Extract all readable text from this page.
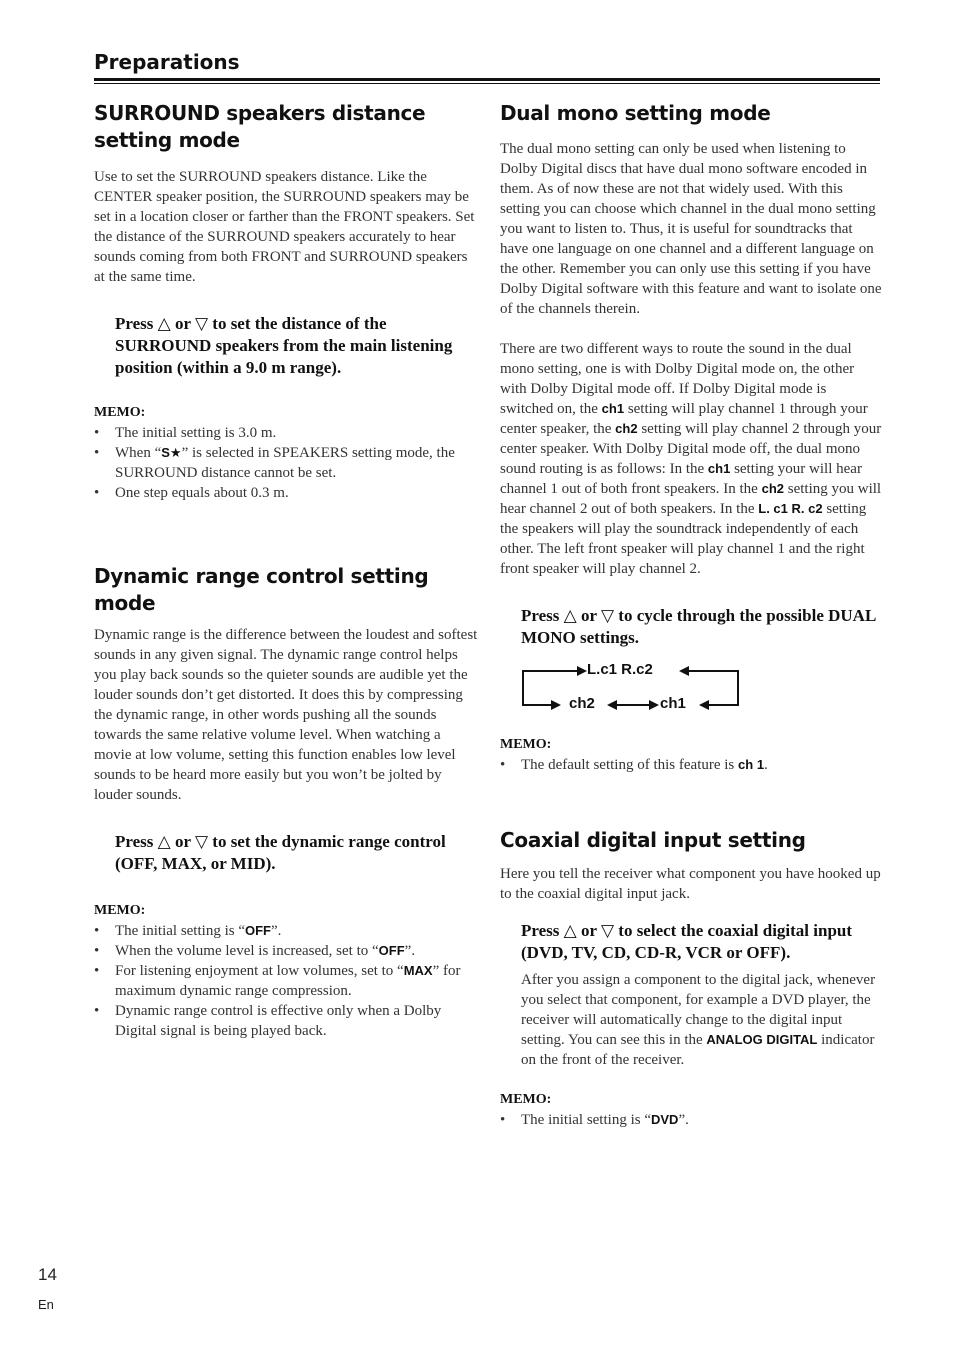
Preparations
SURROUND speakers distance setting mode

Use to set the SURROUND speakers distance. Like the CENTER speaker position, the SURROUND speakers may be set in a location closer or farther than the FRONT speakers. Set the distance of the SURROUND speakers accurately to hear sounds coming from both FRONT and SURROUND speakers at the same time.

Press △ or ▽ to set the distance of the SURROUND speakers from the main listening position (within a 9.0 m range).

MEMO:

• The initial setting is 3.0 m.
• When “S★” is selected in SPEAKERS setting mode, the SURROUND distance cannot be set.
• One step equals about 0.3 m.
Dynamic range control setting mode

Dynamic range is the difference between the loudest and softest sounds in any given signal. The dynamic range control helps you play back sounds so the quieter sounds are audible yet the louder sounds don’t get distorted. It does this by compressing the dynamic range, in other words pushing all the sounds towards the same relative volume level. When watching a movie at low volume, setting this function enables low level sounds to be heard more easily but you won’t be jolted by louder sounds.

Press △ or ▽ to set the dynamic range control (OFF, MAX, or MID).

MEMO:

• The initial setting is “OFF”.
• When the volume level is increased, set to “OFF”.
• For listening enjoyment at low volumes, set to “MAX” for maximum dynamic range compression.
• Dynamic range control is effective only when a Dolby Digital signal is being played back.
Dual mono setting mode

The dual mono setting can only be used when listening to Dolby Digital discs that have dual mono software encoded in them. As of now these are not that widely used. With this setting you can choose which channel in the dual mono setting you want to listen to. Thus, it is useful for soundtracks that have one language on one channel and a different language on the other. Remember you can only use this setting if you have Dolby Digital software with this feature and want to isolate one of the channels therein.

There are two different ways to route the sound in the dual mono setting, one is with Dolby Digital mode on, the other with Dolby Digital mode off. If Dolby Digital mode is switched on, the ch1 setting will play channel 1 through your center speaker, the ch2 setting will play channel 2 through your center speaker. With Dolby Digital mode off, the dual mono sound routing is as follows: In the ch1 setting your will hear channel 1 out of both front speakers. In the ch2 setting you will hear channel 2 out of both speakers. In the L. c1 R. c2 setting the speakers will play the soundtrack independently of each other. The left front speaker will play channel 1 and the right front speaker will play channel 2.

Press △ or ▽ to cycle through the possible DUAL MONO settings.

L.c1 R.c2
ch2	ch1

MEMO:

• The default setting of this feature is ch 1.
Coaxial digital input setting

Here you tell the receiver what component you have hooked up to the coaxial digital input jack.

Press △ or ▽ to select the coaxial digital input (DVD, TV, CD, CD-R, VCR or OFF).

After you assign a component to the digital jack, whenever you select that component, for example a DVD player, the receiver will automatically change to the digital input setting. You can see this in the ANALOG DIGITAL indicator on the front of the receiver.

MEMO:

• The initial setting is “DVD”.
14
En
